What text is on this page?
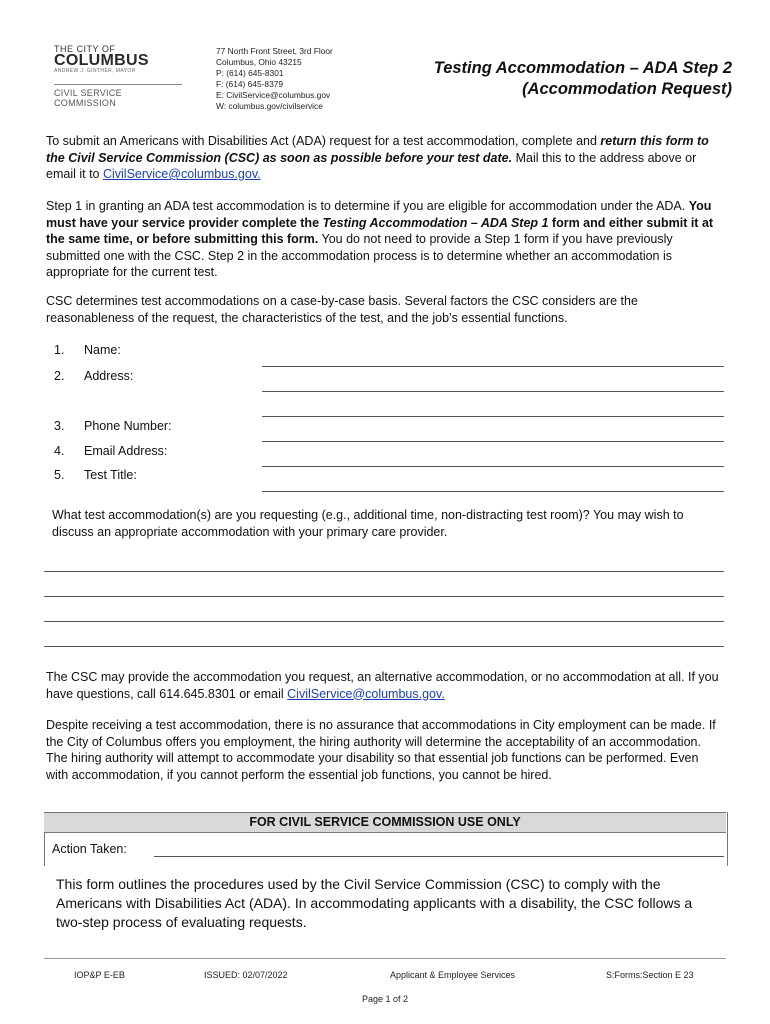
THE CITY OF
COLUMBUS
ANDREW J. GINTHER, MAYOR
CIVIL SERVICE COMMISSION
77 North Front Street, 3rd Floor
Columbus, Ohio 43215
P: (614) 645-8301
F: (614) 645-8379
E: CivilService@columbus.gov
W: columbus.gov/civilservice
Testing Accommodation – ADA Step 2
(Accommodation Request)
To submit an Americans with Disabilities Act (ADA) request for a test accommodation, complete and return this form to the Civil Service Commission (CSC) as soon as possible before your test date. Mail this to the address above or email it to CivilService@columbus.gov.
Step 1 in granting an ADA test accommodation is to determine if you are eligible for accommodation under the ADA. You must have your service provider complete the Testing Accommodation – ADA Step 1 form and either submit it at the same time, or before submitting this form. You do not need to provide a Step 1 form if you have previously submitted one with the CSC. Step 2 in the accommodation process is to determine whether an accommodation is appropriate for the current test.
CSC determines test accommodations on a case-by-case basis. Several factors the CSC considers are the reasonableness of the request, the characteristics of the test, and the job’s essential functions.
1. Name:
2. Address:
3. Phone Number:
4. Email Address:
5. Test Title:
What test accommodation(s) are you requesting (e.g., additional time, non-distracting test room)? You may wish to discuss an appropriate accommodation with your primary care provider.
The CSC may provide the accommodation you request, an alternative accommodation, or no accommodation at all. If you have questions, call 614.645.8301 or email CivilService@columbus.gov.
Despite receiving a test accommodation, there is no assurance that accommodations in City employment can be made. If the City of Columbus offers you employment, the hiring authority will determine the acceptability of an accommodation. The hiring authority will attempt to accommodate your disability so that essential job functions can be performed. Even with accommodation, if you cannot perform the essential job functions, you cannot be hired.
FOR CIVIL SERVICE COMMISSION USE ONLY
Action Taken:
This form outlines the procedures used by the Civil Service Commission (CSC) to comply with the Americans with Disabilities Act (ADA). In accommodating applicants with a disability, the CSC follows a two-step process of evaluating requests.
IOP&P E-EB	ISSUED: 02/07/2022	Applicant & Employee Services	S:Forms:Section E 23
Page 1 of 2
